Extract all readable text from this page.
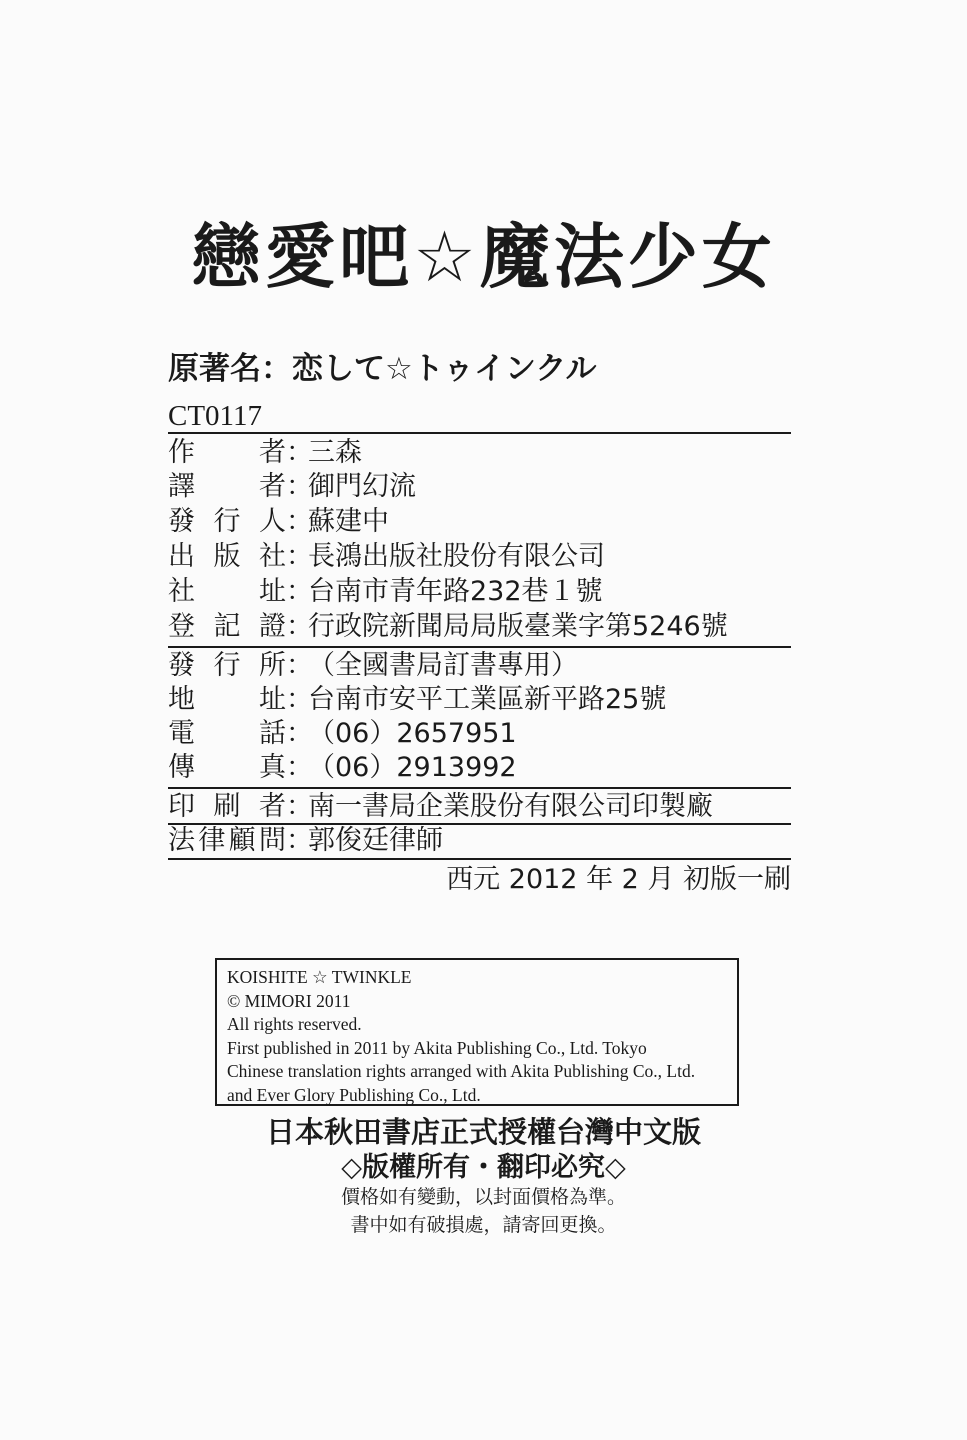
戀愛吧☆魔法少女
原著名：恋して☆トゥインクル
CT0117
作者：三森
譯者：御門幻流
發行人：蘇建中
出版社：長鴻出版社股份有限公司
社址：台南市青年路232巷１號
登記證：行政院新聞局局版臺業字第5246號
發行所：（全國書局訂書專用）
地址：台南市安平工業區新平路25號
電話：（06）2657951
傳真：（06）2913992
印刷者：南一書局企業股份有限公司印製廠
法律顧問：郭俊廷律師
西元 2012 年 2 月 初版一刷
KOISHITE ☆ TWINKLE
© MIMORI 2011
All rights reserved.
First published in 2011 by Akita Publishing Co., Ltd. Tokyo
Chinese translation rights arranged with Akita Publishing Co., Ltd.
and Ever Glory Publishing Co., Ltd.
日本秋田書店正式授權台灣中文版
◇版權所有・翻印必究◇
價格如有變動，以封面價格為準。
書中如有破損處，請寄回更換。
